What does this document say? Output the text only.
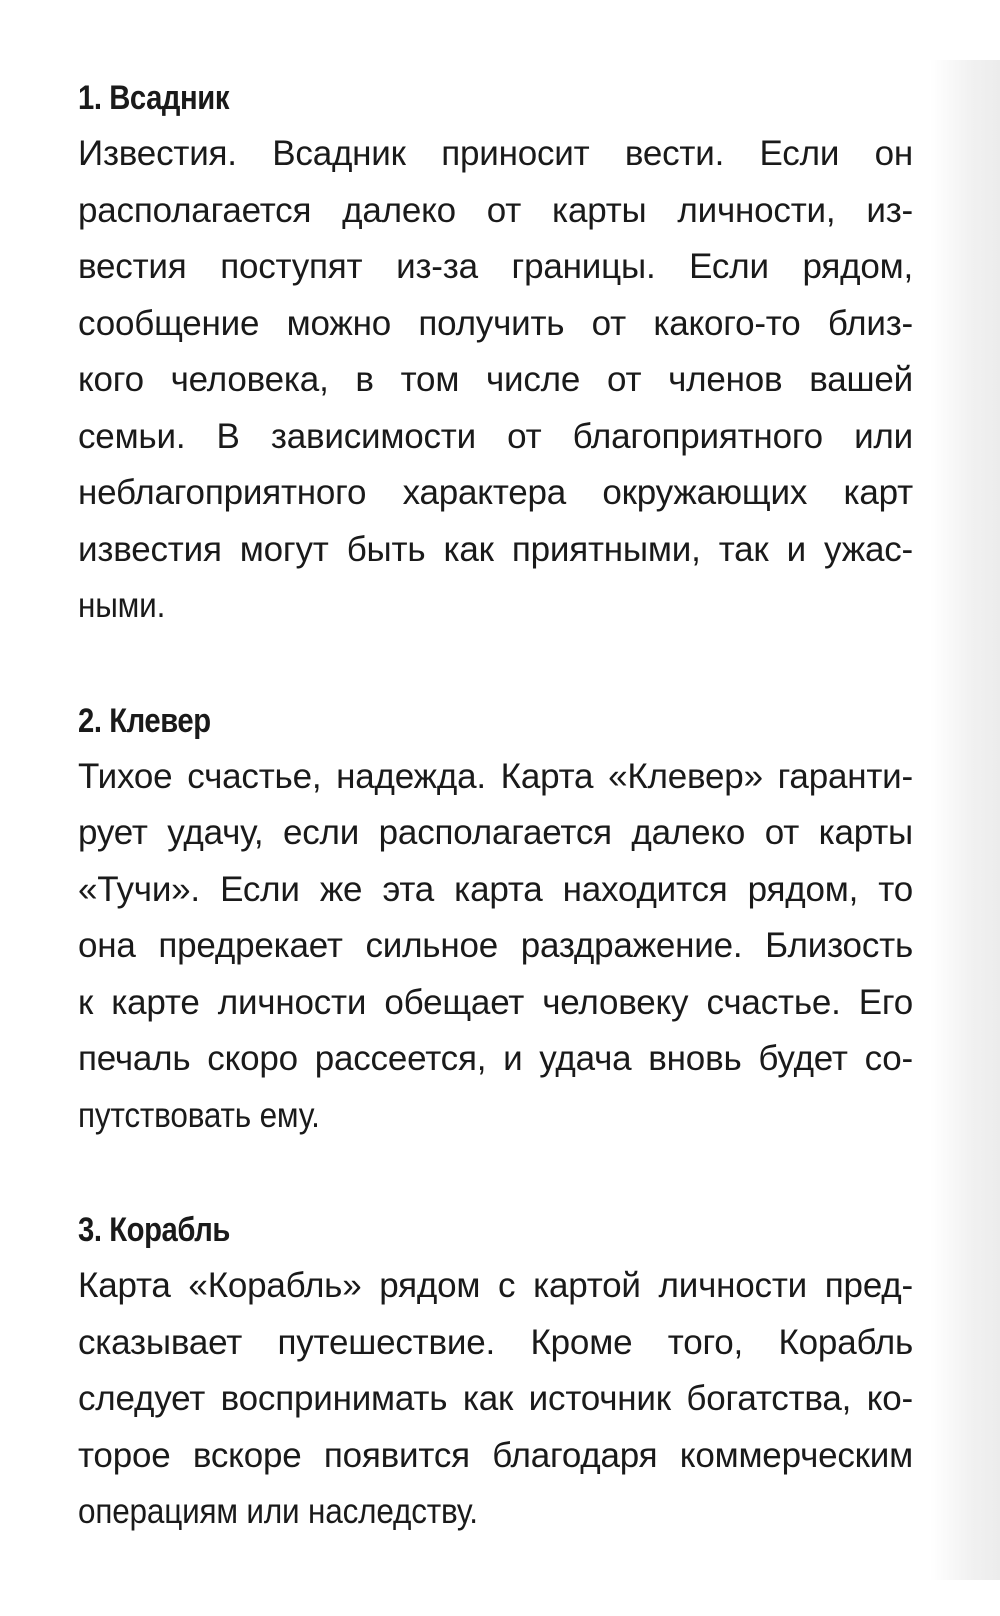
1. Всадник
Известия. Всадник приносит вести. Если он
располагается далеко от карты личности, из-
вестия поступят из-за границы. Если рядом,
сообщение можно получить от какого-то близ-
кого человека, в том числе от членов вашей
семьи. В зависимости от благоприятного или
неблагоприятного характера окружающих карт
известия могут быть как приятными, так и ужас-
ными.
2. Клевер
Тихое счастье, надежда. Карта «Клевер» гаранти-
рует удачу, если располагается далеко от карты
«Тучи». Если же эта карта находится рядом, то
она предрекает сильное раздражение. Близость
к карте личности обещает человеку счастье. Его
печаль скоро рассеется, и удача вновь будет со-
путствовать ему.
3. Корабль
Карта «Корабль» рядом с картой личности пред-
сказывает путешествие. Кроме того, Корабль
следует воспринимать как источник богатства, ко-
торое вскоре появится благодаря коммерческим
операциям или наследству.
